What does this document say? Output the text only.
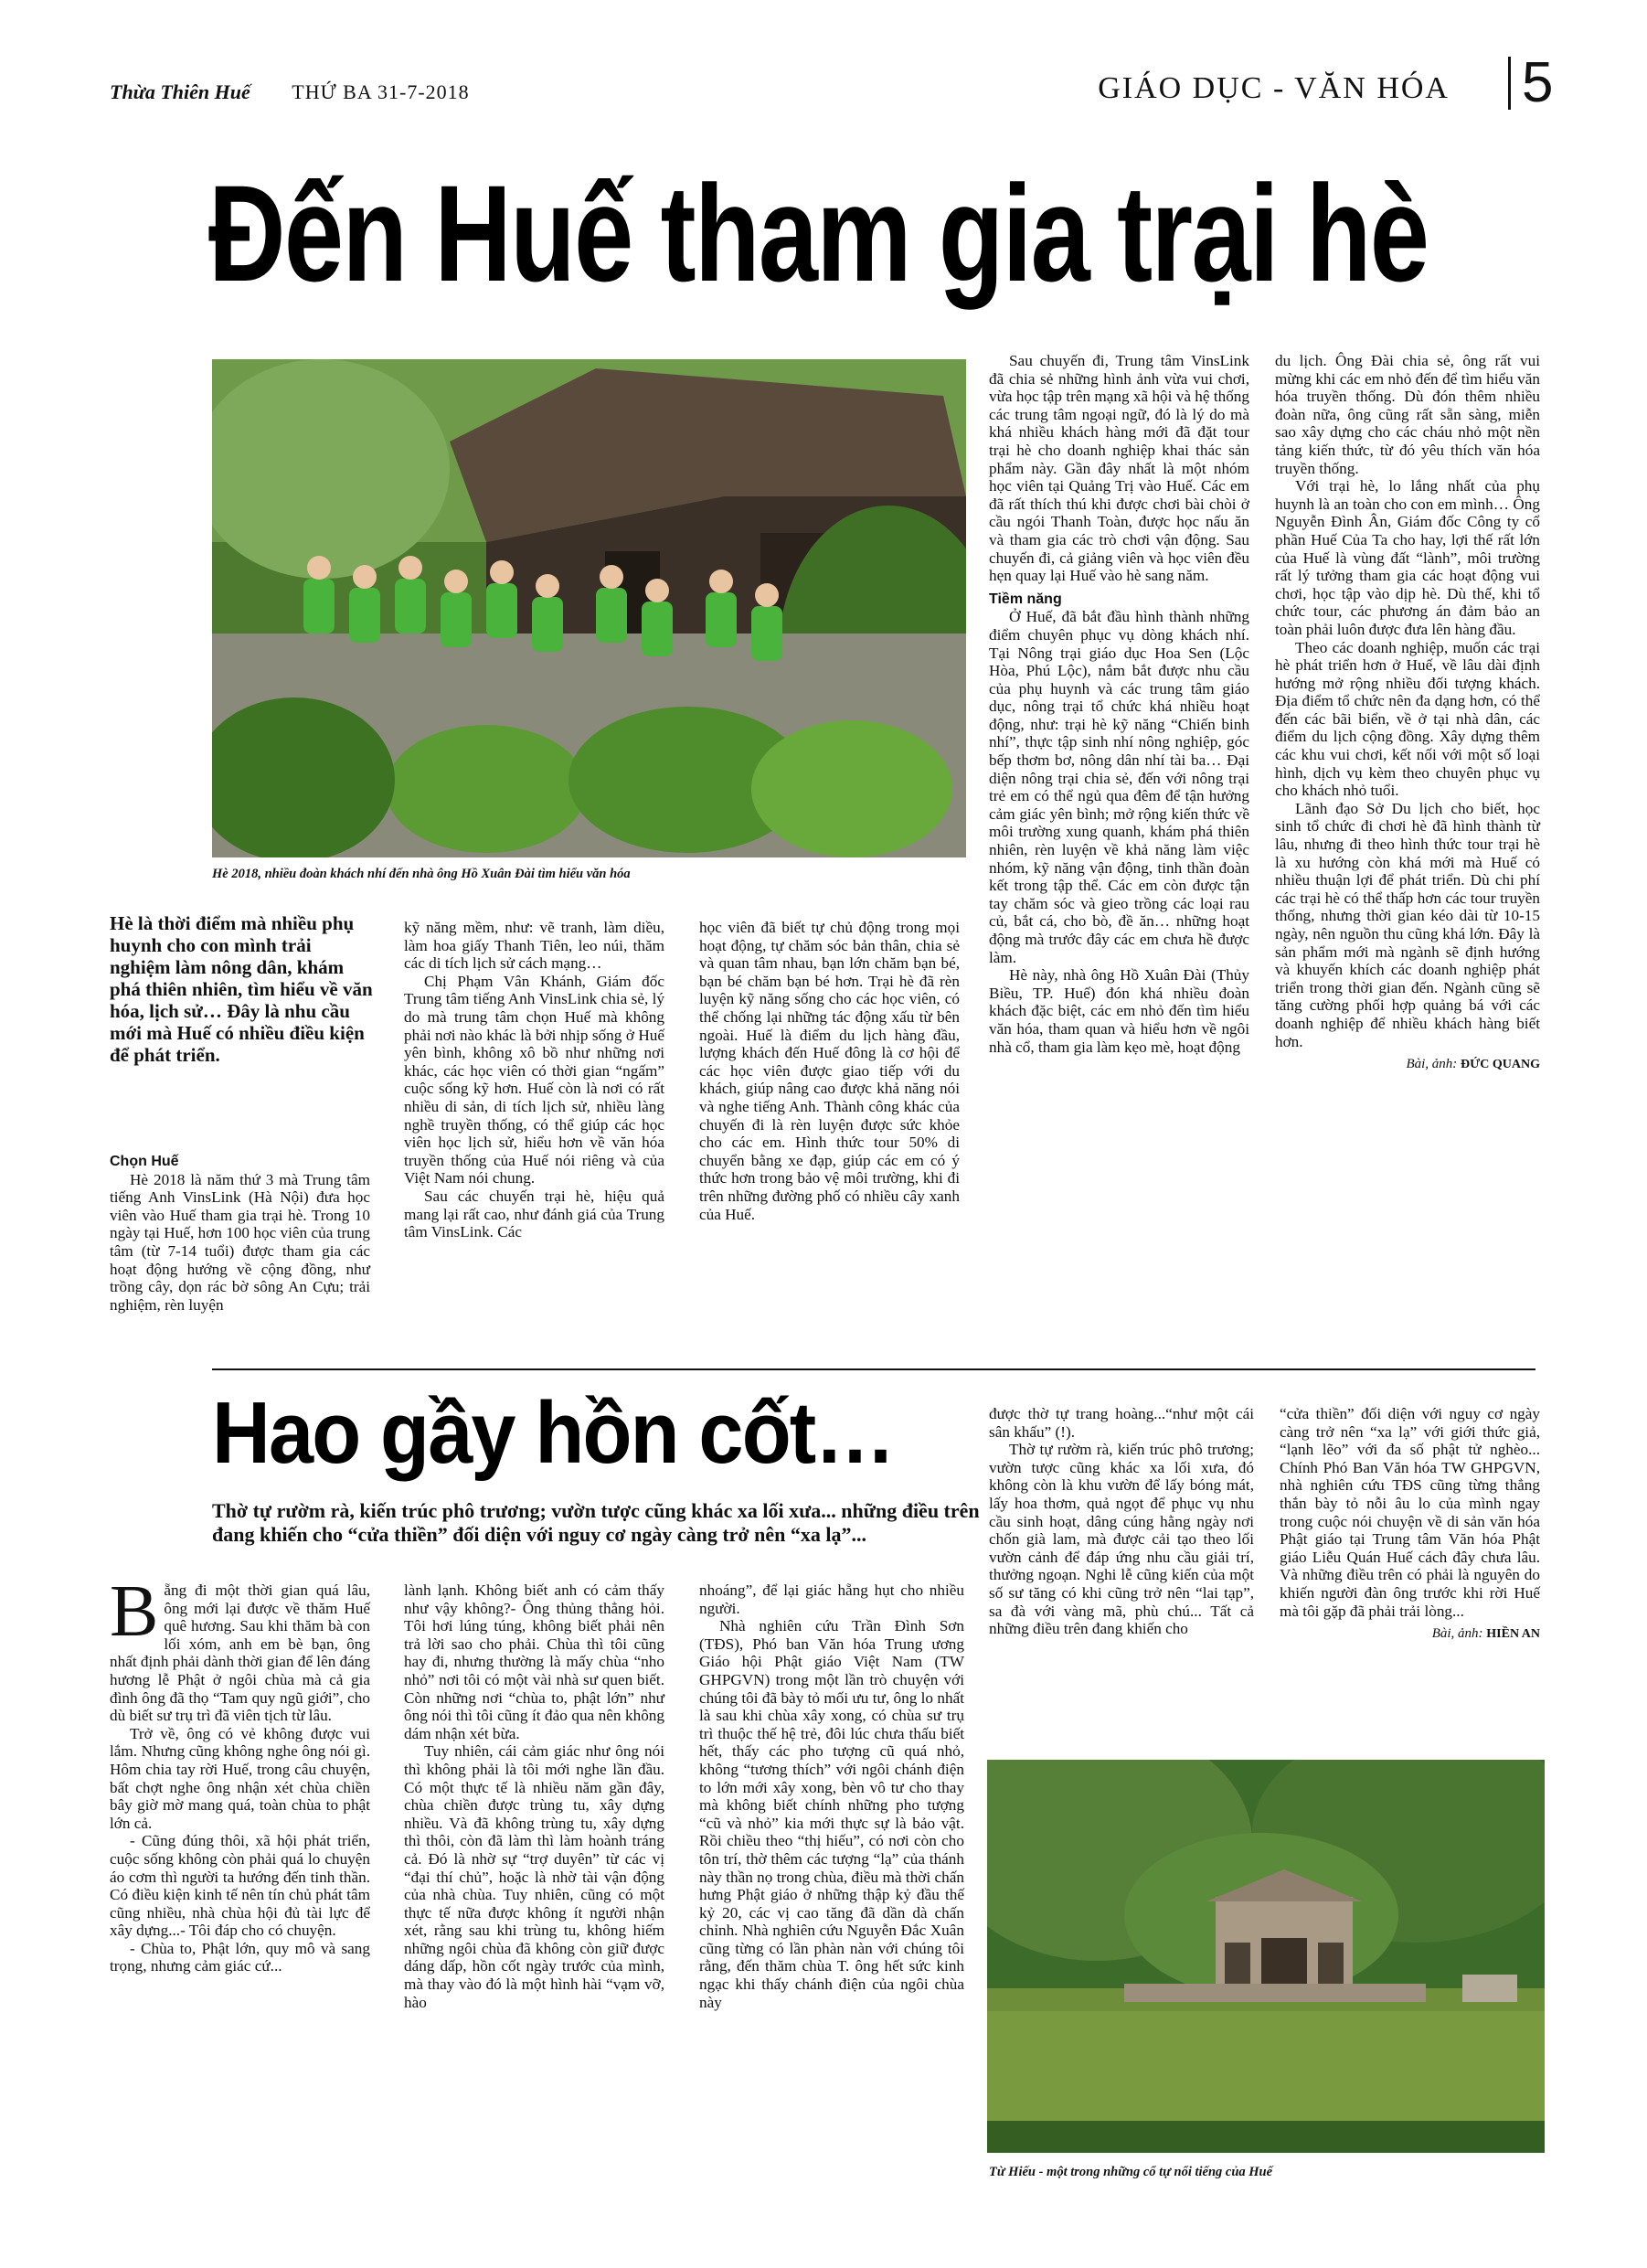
Thừa Thiên Huế THỨ BA 31-7-2018	GIÁO DỤC - VĂN HÓA 5
Đến Huế tham gia trại hè
Hè 2018, nhiều đoàn khách nhí đến nhà ông Hồ Xuân Đài tìm hiểu văn hóa
Hè là thời điểm mà nhiều phụ huynh cho con mình trải nghiệm làm nông dân, khám phá thiên nhiên, tìm hiểu về văn hóa, lịch sử… Đây là nhu cầu mới mà Huế có nhiều điều kiện để phát triển.

Chọn Huế

Hè 2018 là năm thứ 3 mà Trung tâm tiếng Anh VinsLink (Hà Nội) đưa học viên vào Huế tham gia trại hè. Trong 10 ngày tại Huế, hơn 100 học viên của trung tâm (từ 7-14 tuổi) được tham gia các hoạt động hướng về cộng đồng, như trồng cây, dọn rác bờ sông An Cựu; trải nghiệm, rèn luyện

kỹ năng mềm, như: vẽ tranh, làm diều, làm hoa giấy Thanh Tiên, leo núi, thăm các di tích lịch sử cách mạng…

Chị Phạm Vân Khánh, Giám đốc Trung tâm tiếng Anh VinsLink chia sẻ, lý do mà trung tâm chọn Huế mà không phải nơi nào khác là bởi nhịp sống ở Huế yên bình, không xô bồ như những nơi khác, các học viên có thời gian “ngấm” cuộc sống kỹ hơn. Huế còn là nơi có rất nhiều di sản, di tích lịch sử, nhiều làng nghề truyền thống, có thể giúp các học viên học lịch sử, hiểu hơn về văn hóa truyền thống của Huế nói riêng và của Việt Nam nói chung.

Sau các chuyến trại hè, hiệu quả mang lại rất cao, như đánh giá của Trung tâm VinsLink. Các

học viên đã biết tự chủ động trong mọi hoạt động, tự chăm sóc bản thân, chia sẻ và quan tâm nhau, bạn lớn chăm bạn bé, bạn bé chăm bạn bé hơn. Trại hè đã rèn luyện kỹ năng sống cho các học viên, có thể chống lại những tác động xấu từ bên ngoài. Huế là điểm du lịch hàng đầu, lượng khách đến Huế đông là cơ hội để các học viên được giao tiếp với du khách, giúp nâng cao được khả năng nói và nghe tiếng Anh. Thành công khác của chuyến đi là rèn luyện được sức khỏe cho các em. Hình thức tour 50% di chuyển bằng xe đạp, giúp các em có ý thức hơn trong bảo vệ môi trường, khi đi trên những đường phố có nhiều cây xanh của Huế.

Sau chuyến đi, Trung tâm VinsLink đã chia sẻ những hình ảnh vừa vui chơi, vừa học tập trên mạng xã hội và hệ thống các trung tâm ngoại ngữ, đó là lý do mà khá nhiều khách hàng mới đã đặt tour trại hè cho doanh nghiệp khai thác sản phẩm này. Gần đây nhất là một nhóm học viên tại Quảng Trị vào Huế. Các em đã rất thích thú khi được chơi bài chòi ở cầu ngói Thanh Toàn, được học nấu ăn và tham gia các trò chơi vận động. Sau chuyến đi, cả giảng viên và học viên đều hẹn quay lại Huế vào hè sang năm.

Tiềm năng

Ở Huế, đã bắt đầu hình thành những điểm chuyên phục vụ dòng khách nhí. Tại Nông trại giáo dục Hoa Sen (Lộc Hòa, Phú Lộc), nắm bắt được nhu cầu của phụ huynh và các trung tâm giáo dục, nông trại tổ chức khá nhiều hoạt động, như: trại hè kỹ năng “Chiến binh nhí”, thực tập sinh nhí nông nghiệp, góc bếp thơm bơ, nông dân nhí tài ba… Đại diện nông trại chia sẻ, đến với nông trại trẻ em có thể ngủ qua đêm để tận hưởng cảm giác yên bình; mở rộng kiến thức về môi trường xung quanh, khám phá thiên nhiên, rèn luyện về khả năng làm việc nhóm, kỹ năng vận động, tinh thần đoàn kết trong tập thể. Các em còn được tận tay chăm sóc và gieo trồng các loại rau củ, bắt cá, cho bò, đề ăn… những hoạt động mà trước đây các em chưa hề được làm.

Hè này, nhà ông Hồ Xuân Đài (Thủy Biều, TP. Huế) đón khá nhiều đoàn khách đặc biệt, các em nhỏ đến tìm hiểu văn hóa, tham quan và hiểu hơn về ngôi nhà cổ, tham gia làm kẹo mè, hoạt động

du lịch. Ông Đài chia sẻ, ông rất vui mừng khi các em nhỏ đến để tìm hiểu văn hóa truyền thống. Dù đón thêm nhiều đoàn nữa, ông cũng rất sẵn sàng, miễn sao xây dựng cho các cháu nhỏ một nền tảng kiến thức, từ đó yêu thích văn hóa truyền thống.

Với trại hè, lo lắng nhất của phụ huynh là an toàn cho con em mình… Ông Nguyễn Đình Ân, Giám đốc Công ty cổ phần Huế Của Ta cho hay, lợi thế rất lớn của Huế là vùng đất “lành”, môi trường rất lý tưởng tham gia các hoạt động vui chơi, học tập vào dịp hè. Dù thế, khi tổ chức tour, các phương án đảm bảo an toàn phải luôn được đưa lên hàng đầu.

Theo các doanh nghiệp, muốn các trại hè phát triển hơn ở Huế, về lâu dài định hướng mở rộng nhiều đối tượng khách. Địa điểm tổ chức nên đa dạng hơn, có thể đến các bãi biển, về ở tại nhà dân, các điểm du lịch cộng đồng. Xây dựng thêm các khu vui chơi, kết nối với một số loại hình, dịch vụ kèm theo chuyên phục vụ cho khách nhỏ tuổi.

Lãnh đạo Sở Du lịch cho biết, học sinh tổ chức đi chơi hè đã hình thành từ lâu, nhưng đi theo hình thức tour trại hè là xu hướng còn khá mới mà Huế có nhiều thuận lợi để phát triển. Dù chi phí các trại hè có thể thấp hơn các tour truyền thống, nhưng thời gian kéo dài từ 10-15 ngày, nên nguồn thu cũng khá lớn. Đây là sản phẩm mới mà ngành sẽ định hướng và khuyến khích các doanh nghiệp phát triển trong thời gian đến. Ngành cũng sẽ tăng cường phối hợp quảng bá với các doanh nghiệp để nhiều khách hàng biết hơn.

Bài, ảnh: ĐỨC QUANG

Hao gầy hồn cốt…
Thờ tự rườm rà, kiến trúc phô trương; vườn tược cũng khác xa lối xưa... những điều trên đang khiến cho “cửa thiền” đối diện với nguy cơ ngày càng trở nên “xa lạ”...

Bẵng đi một thời gian quá lâu, ông mới lại được về thăm Huế quê hương. Sau khi thăm bà con lối xóm, anh em bè bạn, ông nhất định phải dành thời gian để lên đáng hương lễ Phật ở ngôi chùa mà cả gia đình ông đã thọ “Tam quy ngũ giới”, cho dù biết sư trụ trì đã viên tịch từ lâu.

Trở về, ông có vẻ không được vui lắm. Nhưng cũng không nghe ông nói gì. Hôm chia tay rời Huế, trong câu chuyện, bất chợt nghe ông nhận xét chùa chiền bây giờ mờ mang quá, toàn chùa to phật lớn cả.

- Cũng đúng thôi, xã hội phát triển, cuộc sống không còn phải quá lo chuyện áo cơm thì người ta hướng đến tinh thần. Có điều kiện kinh tế nên tín chủ phát tâm cũng nhiều, nhà chùa hội đủ tài lực để xây dựng...- Tôi đáp cho có chuyện.

- Chùa to, Phật lớn, quy mô và sang trọng, nhưng cảm giác cứ...

lành lạnh. Không biết anh có cảm thấy như vậy không?- Ông thủng thẳng hỏi. Tôi hơi lúng túng, không biết phải nên trả lời sao cho phải. Chùa thì tôi cũng hay đi, nhưng thường là mấy chùa “nho nhỏ” nơi tôi có một vài nhà sư quen biết. Còn những nơi “chùa to, phật lớn” như ông nói thì tôi cũng ít đảo qua nên không dám nhận xét bừa.

Tuy nhiên, cái cảm giác như ông nói thì không phải là tôi mới nghe lần đầu. Có một thực tế là nhiều năm gần đây, chùa chiền được trùng tu, xây dựng nhiều. Và đã không trùng tu, xây dựng thì thôi, còn đã làm thì làm hoành tráng cả. Đó là nhờ sự “trợ duyên” từ các vị “đại thí chủ”, hoặc là nhờ tài vận động của nhà chùa. Tuy nhiên, cũng có một thực tế nữa được không ít người nhận xét, rằng sau khi trùng tu, không hiếm những ngôi chùa đã không còn giữ được dáng dấp, hồn cốt ngày trước của mình, mà thay vào đó là một hình hài “vạm vỡ, hào

nhoáng”, để lại giác hẵng hụt cho nhiều người.

Nhà nghiên cứu Trần Đình Sơn (TĐS), Phó ban Văn hóa Trung ương Giáo hội Phật giáo Việt Nam (TW GHPGVN) trong một lần trò chuyện với chúng tôi đã bày tỏ mối ưu tư, ông lo nhất là sau khi chùa xây xong, có chùa sư trụ trì thuộc thế hệ trẻ, đôi lúc chưa thấu biết hết, thấy các pho tượng cũ quá nhỏ, không “tương thích” với ngôi chánh điện to lớn mới xây xong, bèn vô tư cho thay mà không biết chính những pho tượng “cũ và nhỏ” kia mới thực sự là bảo vật. Rồi chiều theo “thị hiếu”, có nơi còn cho tôn trí, thờ thêm các tượng “lạ” của thánh này thần nọ trong chùa, điều mà thời chấn hưng Phật giáo ở những thập kỷ đầu thế kỷ 20, các vị cao tăng đã dần dà chấn chỉnh. Nhà nghiên cứu Nguyễn Đắc Xuân cũng từng có lần phàn nàn với chúng tôi rằng, đến thăm chùa T. ông hết sức kinh ngạc khi thấy chánh điện của ngôi chùa này

được thờ tự trang hoàng...“như một cái sân khấu” (!).

Thờ tự rườm rà, kiến trúc phô trương; vườn tược cũng khác xa lối xưa, đó không còn là khu vườn để lấy bóng mát, lấy hoa thơm, quả ngọt để phục vụ nhu cầu sinh hoạt, dâng cúng hằng ngày nơi chốn già lam, mà được cải tạo theo lối vườn cảnh để đáp ứng nhu cầu giải trí, thưởng ngoạn. Nghi lễ cũng kiến của một số sư tăng có khi cũng trở nên “lai tạp”, sa đà với vàng mã, phù chú... Tất cả những điều trên đang khiến cho

“cửa thiền” đối diện với nguy cơ ngày càng trở nên “xa lạ” với giới thức giả, “lạnh lẽo” với đa số phật tử nghèo... Chính Phó Ban Văn hóa TW GHPGVN, nhà nghiên cứu TĐS cũng từng thẳng thắn bày tỏ nỗi âu lo của mình ngay trong cuộc nói chuyện về di sản văn hóa Phật giáo tại Trung tâm Văn hóa Phật giáo Liễu Quán Huế cách đây chưa lâu. Và những điều trên có phải là nguyên do khiến người đàn ông trước khi rời Huế mà tôi gặp đã phải trải lòng...

Bài, ảnh: HIỀN AN

Từ Hiếu - một trong những cổ tự nổi tiếng của Huế
